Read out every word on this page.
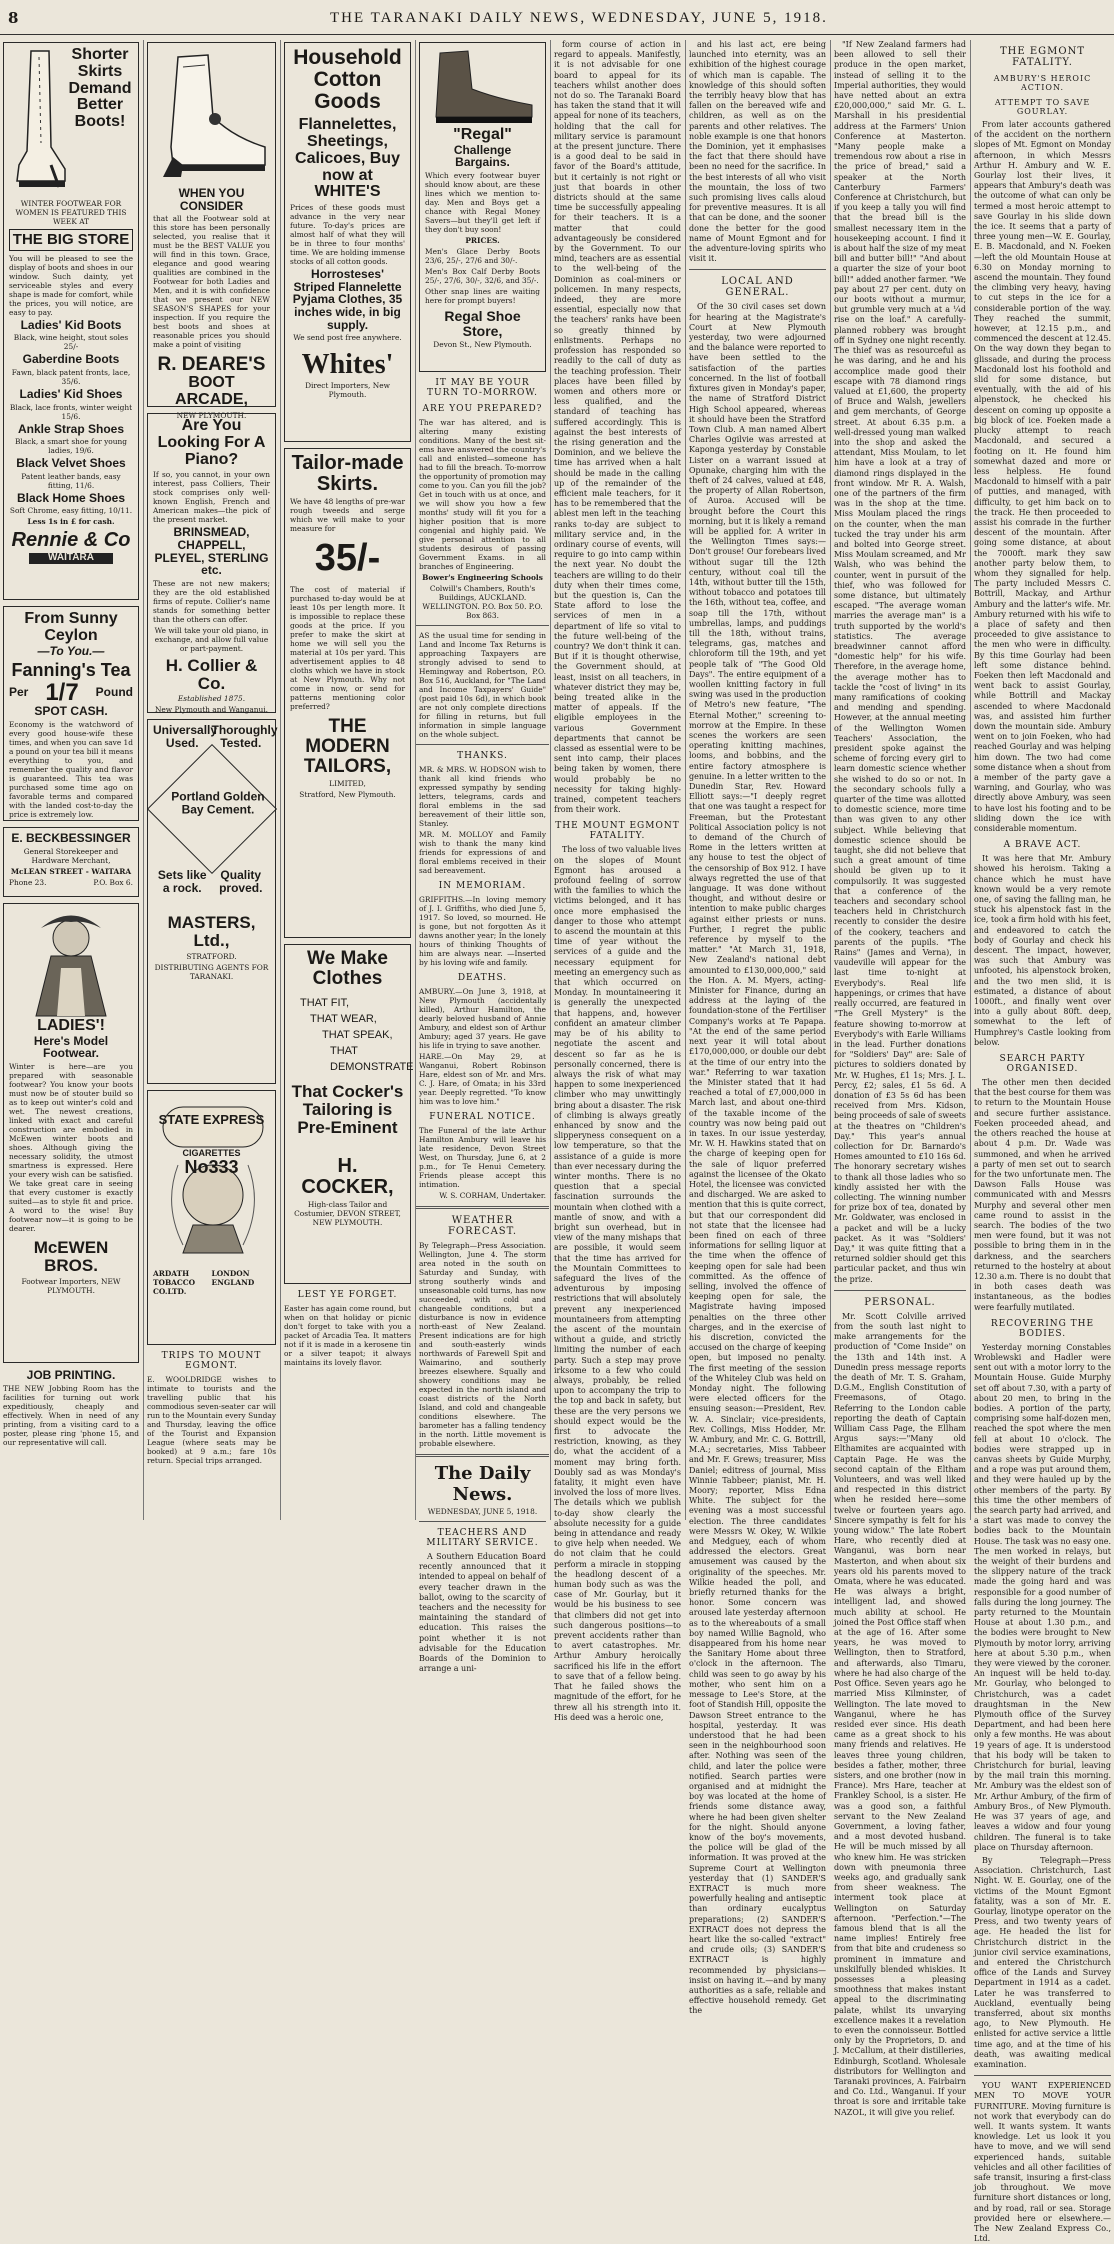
8	THE TARANAKI DAILY NEWS, WEDNESDAY, JUNE 5, 1918.
Shorter
Skirts
Demand
Better
Boots!
WINTER FOOTWEAR FOR WOMEN IS FEATURED THIS WEEK AT
THE BIG STORE
You will be pleased to see the display of boots and shoes in our window. Such dainty, yet serviceable styles and every shape is made for comfort, while the prices, you will notice, are easy to pay.
Ladies' Kid Boots
Black, wine height, stout soles 25/-
Gaberdine Boots
Fawn, black patent fronts, lace, 35/6.
Ladies' Kid Shoes
Black, lace fronts, winter weight 15/6.
Ankle Strap Shoes
Black, a smart shoe for young ladies, 19/6.
Black Velvet Shoes
Patent leather bands, easy fitting, 11/6.
Black Home Shoes
Soft Chrome, easy fitting, 10/11.
Less 1s in £ for cash.
Rennie & Co
WAITARA
From Sunny Ceylon
—To You.—
Fanning's Tea
Per 1/7 Pound
SPOT CASH.
Economy is the watchword of every good house-wife these times, and when you can save 1d a pound on your tea bill it means everything to you, and remember the quality and flavor is guaranteed. This tea was purchased some time ago on favorable terms and compared with the landed cost-to-day the price is extremely low.
E. BECKBESSINGER
General Storekeeper and Hardware Merchant,
McLEAN STREET - WAITARA
Phone 23.	P.O. Box 6.
LADIES'!
Here's Model Footwear.
Winter is here—are you prepared with seasonable footwear? You know your boots must now be of stouter build so as to keep out winter's cold and wet. The newest creations, linked with exact and careful construction are embodied in McEwen winter boots and shoes. Although giving the necessary solidity, the utmost smartness is expressed. Here your every wish can be satisfied. We take great care in seeing that every customer is exactly suited—as to style fit and price. A word to the wise! Buy footwear now—it is going to be dearer.
McEWEN BROS.
Footwear Importers, NEW PLYMOUTH.
JOB PRINTING.
THE NEW Jobbing Room has the facilities for turning out work expeditiously, cheaply and effectively. When in need of any printing, from a visiting card to a poster, please ring 'phone 15, and our representative will call.
WHEN YOU CONSIDER
that all the Footwear sold at this store has been personally selected, you realise that it must be the BEST VALUE you will find in this town. Grace, elegance and good wearing qualities are combined in the Footwear for both Ladies and Men, and it is with confidence that we present our NEW SEASON'S SHAPES for your inspection. If you require the best boots and shoes at reasonable prices you should make a point of visiting
R. DEARE'S
BOOT ARCADE,
NEW PLYMOUTH.
Are You Looking For A Piano?
If so, you cannot, in your own interest, pass Colliers, Their stock comprises only well-known English, French and American makes—the pick of the present market.
BRINSMEAD, CHAPPELL, PLEYEL, STERLING etc.
These are not new makers; they are the old established firms of repute. Collier's name stands for something better than the others can offer.
We will take your old piano, in exchange, and allow full value or part-payment.
H. Collier & Co.
Established 1875.
New Plymouth and Wanganui.
Universally Used.
Thoroughly Tested.
Portland Golden Bay Cement.
Sets like a rock.
Quality proved.
MASTERS, Ltd.,
STRATFORD.
DISTRIBUTING AGENTS FOR TARANAKI.
STATE EXPRESS
CIGARETTES
No333
ARDATH TOBACCO CO.LTD.
LONDON ENGLAND
TRIPS TO MOUNT EGMONT.
E. WOOLDRIDGE wishes to intimate to tourists and the travelling public that his commodious seven-seater car will run to the Mountain every Sunday and Thursday, leaving the office of the Tourist and Expansion League (where seats may be booked) at 9 a.m.; fare 10s return. Special trips arranged.
Household
Cotton Goods
Flannelettes, Sheetings, Calicoes, Buy now at WHITE'S
Prices of these goods must advance in the very near future. To-day's prices are almost half of what they will be in three to four months' time. We are holding immense stocks of all cotton goods.
Horrosteses' Striped Flannelette Pyjama Clothes, 35 inches wide, in big supply.
We send post free anywhere.
Whites'
Direct Importers, New Plymouth.
Tailor-made Skirts.
We have 48 lengths of pre-war rough tweeds and serge which we will make to your measure for
35/-
The cost of material if purchased to-day would be at least 10s per length more. It is impossible to replace these goods at the price. If you prefer to make the skirt at home we will sell you the material at 10s per yard. This advertisement applies to 48 cloths which we have in stock at New Plymouth. Why not come in now, or send for patterns mentioning color preferred?
THE MODERN TAILORS,
LIMITED,
Stratford, New Plymouth.
We Make Clothes
THAT FIT,
THAT WEAR,
THAT SPEAK,
THAT DEMONSTRATE
That Cocker's Tailoring is Pre-Eminent
H. COCKER,
High-class Tailor and Costumier, DEVON STREET, NEW PLYMOUTH.
LEST YE FORGET.
Easter has again come round, but when on that holiday or picnic don't forget to take with you a packet of Arcadia Tea. It matters not if it is made in a kerosene tin or a silver teapot; it always maintains its lovely flavor.
"Regal"
Challenge Bargains.
Which every footwear buyer should know about, are these lines which we mention to-day. Men and Boys get a chance with Regal Money Savers—but they'll get left if they don't buy soon!
PRICES.
Men's Glace Derby Boots 23/6, 25/-, 27/6 and 30/-.
Men's Box Calf Derby Boots 25/-, 27/6, 30/-, 32/6, and 35/-.
Other snap lines are waiting here for prompt buyers!
Regal Shoe Store,
Devon St., New Plymouth.
IT MAY BE YOUR TURN TO-MORROW.
ARE YOU PREPARED?
The war has altered, and is altering many existing conditions. Many of the best sit-ems have answered the country's call and enlisted—someone has had to fill the breach. To-morrow the opportunity of promotion may come to you. Can you fill the job? Get in touch with us at once, and we will show you how a few months' study will fit you for a higher position that is more congenial and highly paid. We give personal attention to all students desirous of passing Government Exams. in all branches of Engineering.
Bower's Engineering Schools
Colwill's Chambers, Routh's Buildings, AUCKLAND. WELLINGTON. P.O. Box 50. P.O. Box 863.
AS the usual time for sending in Land and Income Tax Returns is approaching Taxpayers are strongly advised to send to Hemingway and Robertson, P.O. Box 516, Auckland, for "The Land and Income Taxpayers' Guide" (post paid 10s 6d), in which book are not only complete directions for filling in returns, but full information in simple language on the whole subject.
THANKS.
MR. & MRS. W. HODSON wish to thank all kind friends who expressed sympathy by sending letters, telegrams, cards and floral emblems in the sad bereavement of their little son, Stanley.
MR. M. MOLLOY and Family wish to thank the many kind friends for expressions of and floral emblems received in their sad bereavement.
IN MEMORIAM.
GRIFFITHS.—In loving memory of J. I. Griffiths, who died June 5, 1917. So loved, so mourned. He is gone, but not forgotten As it dawns another year; In the lonely hours of thinking Thoughts of him are always near. —Inserted by his loving wife and family.
DEATHS.
AMBURY.—On June 3, 1918, at New Plymouth (accidentally killed), Arthur Hamilton, the dearly beloved husband of Annie Ambury, and eldest son of Arthur Ambury; aged 37 years. He gave his life in trying to save another.
HARE.—On May 29, at Wanganui, Robert Robinson Hare, eldest son of Mr. and Mrs. C. J. Hare, of Omata; in his 33rd year. Deeply regretted. "To know him was to love him."
FUNERAL NOTICE.
The Funeral of the late Arthur Hamilton Ambury will leave his late residence, Devon Street West, on Thursday, June 6, at 2 p.m., for Te Henui Cemetery. Friends please accept this intimation.
W. S. CORHAM, Undertaker.
WEATHER FORECAST.
By Telegraph—Press Association. Wellington, June 4. The storm area noted in the south on Saturday and Sunday, with strong southerly winds and unseasonable cold turns, has now succeeded, with cold and changeable conditions, but a disturbance is now in evidence north-east of New Zealand. Present indications are for high and south-easterly winds northwards of Farewell Spit and Waimarino, and southerly breezes elsewhere. Squally and showery conditions may be expected in the north island and coast districts of the North Island, and cold and changeable conditions elsewhere. The barometer has a falling tendency in the north. Little movement is probable elsewhere.
The Daily News.
WEDNESDAY, JUNE 5, 1918.
TEACHERS AND MILITARY SERVICE.

A Southern Education Board recently announced that it intended to appeal on behalf of every teacher drawn in the ballot, owing to the scarcity of teachers and the necessity for maintaining the standard of education. This raises the point whether it is not advisable for the Education Boards of the Dominion to arrange a uni-

form course of action in regard to appeals. Manifestly, it is not advisable for one board to appeal for its teachers whilst another does not do so. The Taranaki Board has taken the stand that it will appeal for none of its teachers, holding that the call for military service is paramount at the present juncture. There is a good deal to be said in favor of the Board's attitude, but it certainly is not right or just that boards in other districts should at the same time be successfully appealing for their teachers. It is a matter that could advantageously be considered by the Government. To our mind, teachers are as essential to the well-being of the Dominion as coal-miners or policemen. In many respects, indeed, they are more essential, especially now that the teachers' ranks have been so greatly thinned by enlistments. Perhaps no profession has responded so readily to the call of duty as the teaching profession. Their places have been filled by women and others more or less qualified, and the standard of teaching has suffered accordingly. This is against the best interests of the rising generation and the Dominion, and we believe the time has arrived when a halt should be made in the calling up of the remainder of the efficient male teachers, for it has to be remembered that the ablest men left in the teaching ranks to-day are subject to military service and, in the ordinary course of events, will require to go into camp within the next year. No doubt the teachers are willing to do their duty when their times come, but the question is, Can the State afford to lose the services of men in a department of life so vital to the future well-being of the country? We don't think it can. But if it is thought otherwise, the Government should, at least, insist on all teachers, in whatever district they may be, being treated alike in the matter of appeals. If the eligible employees in the various Government departments that cannot be classed as essential were to be sent into camp, their places being taken by women, there would probably be no necessity for taking highly-trained, competent teachers from their work.

THE MOUNT EGMONT FATALITY.

The loss of two valuable lives on the slopes of Mount Egmont has aroused a profound feeling of sorrow with the families to which the victims belonged, and it has once more emphasised the danger to those who attempt to ascend the mountain at this time of year without the services of a guide and the necessary equipment for meeting an emergency such as that which occurred on Monday. In mountaineering it is generally the unexpected that happens, and, however confident an amateur climber may be of his ability to negotiate the ascent and descent so far as he is personally concerned, there is always the risk of what may happen to some inexperienced climber who may unwittingly bring about a disaster. The risk of climbing is always greatly enhanced by snow and the slipperyness consequent on a low temperature, so that the assistance of a guide is more than ever necessary during the winter months. There is no question that a special fascination surrounds the mountain when clothed with a mantle of snow, and with a bright sun overhead, but in view of the many mishaps that are possible, it would seem that the time has arrived for the Mountain Committees to safeguard the lives of the adventurous by imposing restrictions that will absolutely prevent any inexperienced mountaineers from attempting the ascent of the mountain without a guide, and strictly limiting the number of each party. Such a step may prove irksome to a few who could always, probably, be relied upon to accompany the trip to the top and back in safety, but these are the very persons we should expect would be the first to advocate the restriction, knowing, as they do, what the accident of a moment may bring forth. Doubly sad as was Monday's fatality, it might even have involved the loss of more lives. The details which we publish to-day show clearly the absolute necessity for a guide being in attendance and ready to give help when needed. We do not claim that he could perform a miracle in stopping the headlong descent of a human body such as was the case of Mr. Gourlay, but it would be his business to see that climbers did not get into such dangerous positions—to prevent accidents rather than to avert catastrophes. Mr. Arthur Ambury heroically sacrificed his life in the effort to save that of a fellow being. That he failed shows the magnitude of the effort, for he threw all his strength into it. His deed was a heroic one,

and his last act, ere being launched into eternity, was an exhibition of the highest courage of which man is capable. The knowledge of this should soften the terribly heavy blow that has fallen on the bereaved wife and children, as well as on the parents and other relatives. The noble example is one that honors the Dominion, yet it emphasises the fact that there should have been no need for the sacrifice. In the best interests of all who visit the mountain, the loss of two such promising lives calls aloud for preventive measures. It is all that can be done, and the sooner done the better for the good name of Mount Egmont and for the adventure-loving spirits who visit it.

LOCAL AND GENERAL.

Of the 30 civil cases set down for hearing at the Magistrate's Court at New Plymouth yesterday, two were adjourned and the balance were reported to have been settled to the satisfaction of the parties concerned. In the list of football fixtures given in Monday's paper, the name of Stratford District High School appeared, whereas it should have been the Stratford Town Club. A man named Albert Charles Ogilvie was arrested at Kaponga yesterday by Constable Lister on a warrant issued at Opunake, charging him with the theft of 24 calves, valued at £48, the property of Allan Robertson, of Auroa. Accused will be brought before the Court this morning, but it is likely a remand will be applied for. A writer in the Wellington Times says:—Don't grouse! Our forebears lived without sugar till the 12th century, without coal till the 14th, without butter till the 15th, without tobacco and potatoes till the 16th, without tea, coffee, and soap till the 17th, without umbrellas, lamps, and puddings till the 18th, without trains, telegrams, gas, matches and chloroform till the 19th, and yet people talk of "The Good Old Days". The entire equipment of a woollen knitting factory in full swing was used in the production of Metro's new feature, "The Eternal Mother," screening to-morrow at the Empire. In these scenes the workers are seen operating knitting machines, looms, and bobbins, and the entire factory atmosphere is genuine. In a letter written to the Dunedin Star, Rev. Howard Elliott says:—"I deeply regret that one was taught a respect for Freeman, but the Protestant Political Association policy is not to demand of the Church of Rome in the letters written at any house to test the object of the censorship of Box 912. I have always regretted the use of that language. It was done without thought, and without desire or intention to make public charges against either priests or nuns. Further, I regret the public reference by myself to the matter." "At March 31, 1918, New Zealand's national debt amounted to £130,000,000," said the Hon. A. M. Myers, acting-Minister for Finance, during an address at the laying of the foundation-stone of the Fertiliser Company's works at Te Papapa. "At the end of the same period next year it will total about £170,000,000, or double our debt at the time of our entry into the war." Referring to war taxation the Minister stated that it had reached a total of £7,000,000 in March last, and about one-third of the taxable income of the country was now being paid out in taxes. In our issue yesterday, Mr. W. H. Hawkins stated that on the charge of keeping open for the sale of liquor preferred against the licensee of the Okato Hotel, the licensee was convicted and discharged. We are asked to mention that this is quite correct, but that our correspondent did not state that the licensee had been fined on each of three informations for selling liquor at the time when the offence of keeping open for sale had been committed. As the offence of selling, involved the offence of keeping open for sale, the Magistrate having imposed penalties on the three other charges, and in the exercise of his discretion, convicted the accused on the charge of keeping open, but imposed no penalty. The first meeting of the session of the Whiteley Club was held on Monday night. The following were elected officers for the ensuing season:—President, Rev. W. A. Sinclair; vice-presidents, Rev. Collings, Miss Hodder, Mr. W. Ambury, and Mr. C. G. Bottrill, M.A.; secretaries, Miss Tabbeer and Mr. F. Grews; treasurer, Miss Daniel; editress of journal, Miss Winnie Tabbeer; pianist, Mr. H. Moory; reporter, Miss Edna White. The subject for the evening was a most successful election. The three candidates were Messrs W. Okey, W. Wilkie and Medguey, each of whom addressed the electors. Great amusement was caused by the originality of the speeches. Mr. Wilkie headed the poll, and briefly returned thanks for the honor. Some concern was aroused late yesterday afternoon as to the whereabouts of a small boy named Willie Bagnold, who disappeared from his home near the Sanitary Home about three o'clock in the afternoon. The child was seen to go away by his mother, who sent him on a message to Lee's Store, at the foot of Standish Hill, opposite the Dawson Street entrance to the hospital, yesterday. It was understood that he had been seen in the neighbourhood soon after. Nothing was seen of the child, and later the police were notified. Search parties were organised and at midnight the boy was located at the home of friends some distance away, where he had been given shelter for the night. Should anyone know of the boy's movements, the police will be glad of the information. It was proved at the Supreme Court at Wellington yesterday that (1) SANDER'S EXTRACT is much more powerfully healing and antiseptic than ordinary eucalyptus preparations; (2) SANDER'S EXTRACT does not depress the heart like the so-called "extract" and crude oils; (3) SANDER'S EXTRACT is highly recommended by physicians—insist on having it.—and by many authorities as a safe, reliable and effective household remedy. Get the

"If New Zealand farmers had been allowed to sell their produce in the open market, instead of selling it to the Imperial authorities, they would have netted about an extra £20,000,000," said Mr. G. L. Marshall in his presidential address at the Farmers' Union Conference at Masterton. "Many people make a tremendous row about a rise in the price of bread," said a speaker at the North Canterbury Farmers' Conference at Christchurch, but if you keep a tally you will find that the bread bill is the smallest necessary item in the housekeeping account. I find it is about half the size of my meat bill and butter bill!" "And about a quarter the size of your boot bill!" added another farmer. "We pay about 27 per cent. duty on our boots without a murmur, but grumble very much at a ¼d rise on the loaf." A carefully-planned robbery was brought off in Sydney one night recently. The thief was as resourceful as he was daring, and he and his accomplice made good their escape with 78 diamond rings valued at £1,600, the property of Bruce and Walsh, jewellers and gem merchants, of George street. At about 6.35 p.m. a well-dressed young man walked into the shop and asked the attendant, Miss Moulam, to let him have a look at a tray of diamond rings displayed in the front window. Mr R. A. Walsh, one of the partners of the firm was in the shop at the time. Miss Moulam placed the rings on the counter, when the man tucked the tray under his arm and bolted into George street. Miss Moulam screamed, and Mr Walsh, who was behind the counter, went in pursuit of the thief, who was followed for some distance, but ultimately escaped. "The average woman marries the average man" is a truth supported by the world's statistics. The average breadwinner cannot afford "domestic help" for his wife. Therefore, in the average home, the average mother has to tackle the "cost of living" in its many ramifications of cooking and mending and spending. However, at the annual meeting of the Wellington Women Teachers' Association, the president spoke against the scheme of forcing every girl to learn domestic science whether she wished to do so or not. In the secondary schools fully a quarter of the time was allotted to domestic science, more time than was given to any other subject. While believing that domestic science should be taught, she did not believe that such a great amount of time should be given up to it compulsorily. It was suggested that a conference of the teachers and secondary school teachers held in Christchurch recently to consider the desire of the cookery, teachers and parents of the pupils. "The Rains" (James and Verna), in vaudeville will appear for the last time to-night at Everybody's. Real life happenings, or crimes that have really occurred, are featured in "The Grell Mystery" is the feature showing to-morrow at Everybody's with Earle Williams in the lead. Further donations for "Soldiers' Day" are: Sale of pictures to soldiers donated by Mr. W. Hughes, £1 1s; Mrs. J. L. Percy, £2; sales, £1 5s 6d. A donation of £3 5s 6d has been received from Mrs. Kidson, being proceeds of sale of sweets at the theatres on "Children's Day." This year's annual collection for Dr. Barnardo's Homes amounted to £10 16s 6d. The honorary secretary wishes to thank all those ladies who so kindly assisted her with the collecting. The winning number for prize box of tea, donated by Mr. Goldwater, was enclosed in a packet and will be a lucky packet. As it was "Soldiers' Day," it was quite fitting that a returned soldier should get this particular packet, and thus win the prize.

PERSONAL.

Mr. Scott Colville arrived from the south last night to make arrangements for the production of "Come Inside" on the 13th and 14th inst. A Dunedin press message reports the death of Mr. T. S. Graham, D.G.M., English Constitution of Freemasons, of Otago. Referring to the London cable reporting the death of Captain William Cass Page, the Ellham Argus says:—"Many old Elthamites are acquainted with Captain Page. He was the second captain of the Eltham Volunteers, and was well liked and respected in this district when he resided here—some twelve or fourteen years ago. Sincere sympathy is felt for his young widow." The late Robert Hare, who recently died at Wanganui, was born near Masterton, and when about six years old his parents moved to Omata, where he was educated. He was always a bright, intelligent lad, and showed much ability at school. He joined the Post Office staff when at the age of 16. After some years, he was moved to Wellington, then to Stratford, and afterwards, also Timaru, where he had also charge of the Post Office. Seven years ago he married Miss Kilminster, of Wellington. The late moved to Wanganui, where he has resided ever since. His death came as a great shock to his many friends and relatives. He leaves three young children, besides a father, mother, three sisters, and one brother (now in France). Mrs Hare, teacher at Frankley School, is a sister. He was a good son, a faithful servant to the New Zealand Government, a loving father, and a most devoted husband. He will be much missed by all who knew him. He was stricken down with pneumonia three weeks ago, and gradually sank from sheer weakness. The interment took place at Wellington on Saturday afternoon. "Perfection."—The famous blend that is all the name implies! Entirely free from that bite and crudeness so prominent in immature and unskilfully blended whiskies. It possesses a pleasing smoothness that makes instant appeal to the discriminating palate, whilst its unvarying excellence makes it a revelation to even the connoisseur. Bottled only by the Proprietors, D. and J. McCallum, at their distilleries, Edinburgh, Scotland. Wholesale distributors for Wellington and Taranaki provinces, A. Fairbairn and Co. Ltd., Wanganui. If your throat is sore and irritable take NAZOL, it will give you relief.

THE EGMONT FATALITY.
AMBURY'S HEROIC ACTION.
ATTEMPT TO SAVE GOURLAY.

From later accounts gathered of the accident on the northern slopes of Mt. Egmont on Monday afternoon, in which Messrs Arthur H. Ambury and W. E. Gourlay lost their lives, it appears that Ambury's death was the outcome of what can only be termed a most heroic attempt to save Gourlay in his slide down the ice. It seems that a party of three young men—W. E. Gourlay, E. B. Macdonald, and N. Foeken—left the old Mountain House at 6.30 on Monday morning to ascend the mountain. They found the climbing very heavy, having to cut steps in the ice for a considerable portion of the way. They reached the summit, however, at 12.15 p.m., and commenced the descent at 12.45. On the way down they began to glissade, and during the process Macdonald lost his foothold and slid for some distance, but eventually, with the aid of his alpenstock, he checked his descent on coming up opposite a big block of ice. Foeken made a plucky attempt to reach Macdonald, and secured a footing on it. He found him somewhat dazed and more or less helpless. He found Macdonald to himself with a pair of putties, and managed, with difficulty, to get him back on to the track. He then proceeded to assist his comrade in the further descent of the mountain. After going some distance, at about the 7000ft. mark they saw another party below them, to whom they signalled for help. The party included Messrs C. Bottrill, Mackay, and Arthur Ambury and the latter's wife. Mr. Ambury returned with his wife to a place of safety and then proceeded to give assistance to the men who were in difficulty. By this time Gourlay had been left some distance behind. Foeken then left Macdonald and went back to assist Gourlay, while Bottrill and Mackay ascended to where Macdonald was, and assisted him further down the mountain side. Ambury went on to join Foeken, who had reached Gourlay and was helping him down. The two had come some distance when a shout from a member of the party gave a warning, and Gourlay, who was directly above Ambury, was seen to have lost his footing and to be sliding down the ice with considerable momentum.

A BRAVE ACT.

It was here that Mr. Ambury showed his heroism. Taking a chance which he must have known would be a very remote one, of saving the falling man, he stuck his alpenstock fast in the ice, took a firm hold with his feet, and endeavored to catch the body of Gourlay and check his descent. The impact, however, was such that Ambury was unfooted, his alpenstock broken, and the two men slid, it is estimated, a distance of about 1000ft., and finally went over into a gully about 80ft. deep, somewhat to the left of Humphrey's Castle looking from below.

SEARCH PARTY ORGANISED.

The other men then decided that the best course for them was to return to the Mountain House and secure further assistance. Foeken proceeded ahead, and the others reached the house at about 4 p.m. Dr. Wade was summoned, and when he arrived a party of men set out to search for the two unfortunate men. The Dawson Falls House was communicated with and Messrs Murphy and several other men came round to assist in the search. The bodies of the two men were found, but it was not possible to bring them in in the darkness, and the searchers returned to the hostelry at about 12.30 a.m. There is no doubt that in both cases death was instantaneous, as the bodies were fearfully mutilated.

RECOVERING THE BODIES.

Yesterday morning Constables Wroblewski and Hadler were sent out with a motor lorry to the Mountain House. Guide Murphy set off about 7.30, with a party of about 20 men, to bring in the bodies. A portion of the party, comprising some half-dozen men, reached the spot where the men fell at about 10 o'clock. The bodies were strapped up in canvas sheets by Guide Murphy, and a rope was put around them, and they were hauled up by the other members of the party. By this time the other members of the search party had arrived, and a start was made to convey the bodies back to the Mountain House. The task was no easy one. The men worked in relays, but the weight of their burdens and the slippery nature of the track made the going hard and was responsible for a good number of falls during the long journey. The party returned to the Mountain House at about 1.30 p.m., and the bodies were brought to New Plymouth by motor lorry, arriving here at about 5.30 p.m., when they were viewed by the coroner. An inquest will be held to-day. Mr. Gourlay, who belonged to Christchurch, was a cadet draughtsman in the New Plymouth office of the Survey Department, and had been here only a few months. He was about 19 years of age. It is understood that his body will be taken to Christchurch for burial, leaving by the mail train this morning. Mr. Ambury was the eldest son of Mr. Arthur Ambury, of the firm of Ambury Bros., of New Plymouth. He was 37 years of age, and leaves a widow and four young children. The funeral is to take place on Thursday afternoon.

By Telegraph—Press Association. Christchurch, Last Night. W. E. Gourlay, one of the victims of the Mount Egmont fatality, was a son of Mr. E. Gourlay, linotype operator on the Press, and two twenty years of age. He headed the list for Christchurch district in the junior civil service examinations, and entered the Christchurch office of the Lands and Survey Department in 1914 as a cadet. Later he was transferred to Auckland, eventually being transferred, about six months ago, to New Plymouth. He enlisted for active service a little time ago, and at the time of his death, was awaiting medical examination.

YOU WANT EXPERIENCED MEN TO MOVE YOUR FURNITURE. Moving furniture is not work that everybody can do well. It wants system. It wants knowledge. Let us look it you have to move, and we will send experienced hands, suitable vehicles and all other facilities of safe transit, insuring a first-class job throughout. We move furniture short distances or long, and by road, rail or sea. Storage provided here or elsewhere.—The New Zealand Express Co., Ltd.
